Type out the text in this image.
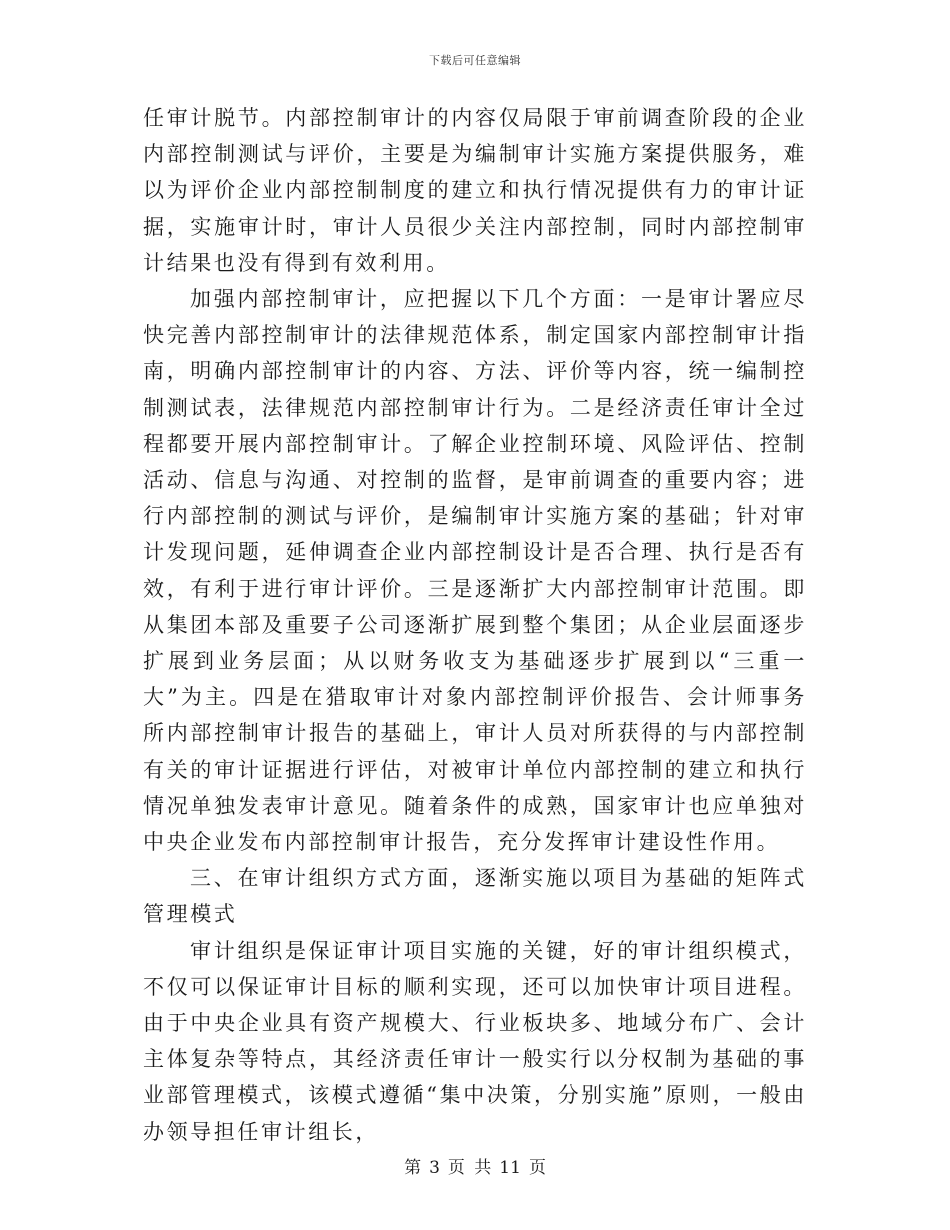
下载后可任意编辑

任审计脱节。内部控制审计的内容仅局限于审前调查阶段的企业内部控制测试与评价，主要是为编制审计实施方案提供服务，难以为评价企业内部控制制度的建立和执行情况提供有力的审计证据，实施审计时，审计人员很少关注内部控制，同时内部控制审计结果也没有得到有效利用。

加强内部控制审计，应把握以下几个方面：一是审计署应尽快完善内部控制审计的法律规范体系，制定国家内部控制审计指南，明确内部控制审计的内容、方法、评价等内容，统一编制控制测试表，法律规范内部控制审计行为。二是经济责任审计全过程都要开展内部控制审计。了解企业控制环境、风险评估、控制活动、信息与沟通、对控制的监督，是审前调查的重要内容；进行内部控制的测试与评价，是编制审计实施方案的基础；针对审计发现问题，延伸调查企业内部控制设计是否合理、执行是否有效，有利于进行审计评价。三是逐渐扩大内部控制审计范围。即从集团本部及重要子公司逐渐扩展到整个集团；从企业层面逐步扩展到业务层面；从以财务收支为基础逐步扩展到以“三重一大”为主。四是在猎取审计对象内部控制评价报告、会计师事务所内部控制审计报告的基础上，审计人员对所获得的与内部控制有关的审计证据进行评估，对被审计单位内部控制的建立和执行情况单独发表审计意见。随着条件的成熟，国家审计也应单独对中央企业发布内部控制审计报告，充分发挥审计建设性作用。

三、在审计组织方式方面，逐渐实施以项目为基础的矩阵式管理模式

审计组织是保证审计项目实施的关键，好的审计组织模式，不仅可以保证审计目标的顺利实现，还可以加快审计项目进程。由于中央企业具有资产规模大、行业板块多、地域分布广、会计主体复杂等特点，其经济责任审计一般实行以分权制为基础的事业部管理模式，该模式遵循“集中决策，分别实施”原则，一般由办领导担任审计组长，

第 3 页 共 11 页
